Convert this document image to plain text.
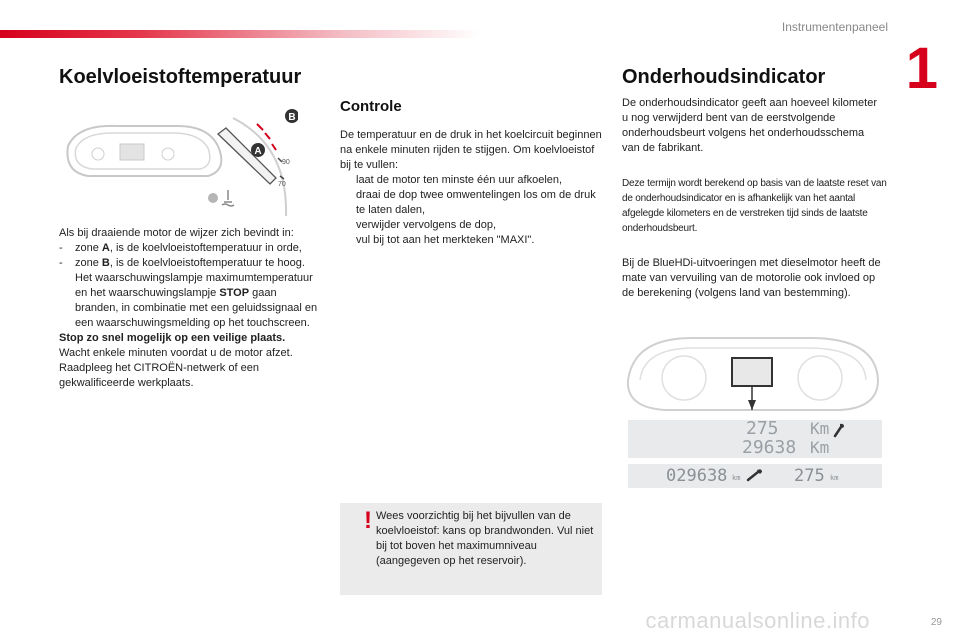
Instrumentenpaneel
1
Koelvloeistoftemperatuur
B
A
90
70
Als bij draaiende motor de wijzer zich bevindt in:
- zone A, is de koelvloeistoftemperatuur in orde,
- zone B, is de koelvloeistoftemperatuur te hoog. Het waarschuwingslampje maximumtemperatuur en het waarschuwingslampje STOP gaan branden, in combinatie met een geluidssignaal en een waarschuwingsmelding op het touchscreen.
Stop zo snel mogelijk op een veilige plaats.
Wacht enkele minuten voordat u de motor afzet.
Raadpleeg het CITROËN-netwerk of een gekwalificeerde werkplaats.
Controle
De temperatuur en de druk in het koelcircuit beginnen na enkele minuten rijden te stijgen. Om koelvloeistof bij te vullen:
laat de motor ten minste één uur afkoelen,
draai de dop twee omwentelingen los om de druk te laten dalen,
verwijder vervolgens de dop,
vul bij tot aan het merkteken "MAXI".
! Wees voorzichtig bij het bijvullen van de koelvloeistof: kans op brandwonden. Vul niet bij tot boven het maximumniveau (aangegeven op het reservoir).
Onderhoudsindicator
De onderhoudsindicator geeft aan hoeveel kilometer u nog verwijderd bent van de eerstvolgende onderhoudsbeurt volgens het onderhoudsschema van de fabrikant.
Deze termijn wordt berekend op basis van de laatste reset van de onderhoudsindicator en is afhankelijk van het aantal afgelegde kilometers en de verstreken tijd sinds de laatste onderhoudsbeurt.
Bij de BlueHDi-uitvoeringen met dieselmotor heeft de mate van vervuiling van de motorolie ook invloed op de berekening (volgens land van bestemming).
275 Km
29638 Km
029638 km	275 km
carmanualsonline.info	29
